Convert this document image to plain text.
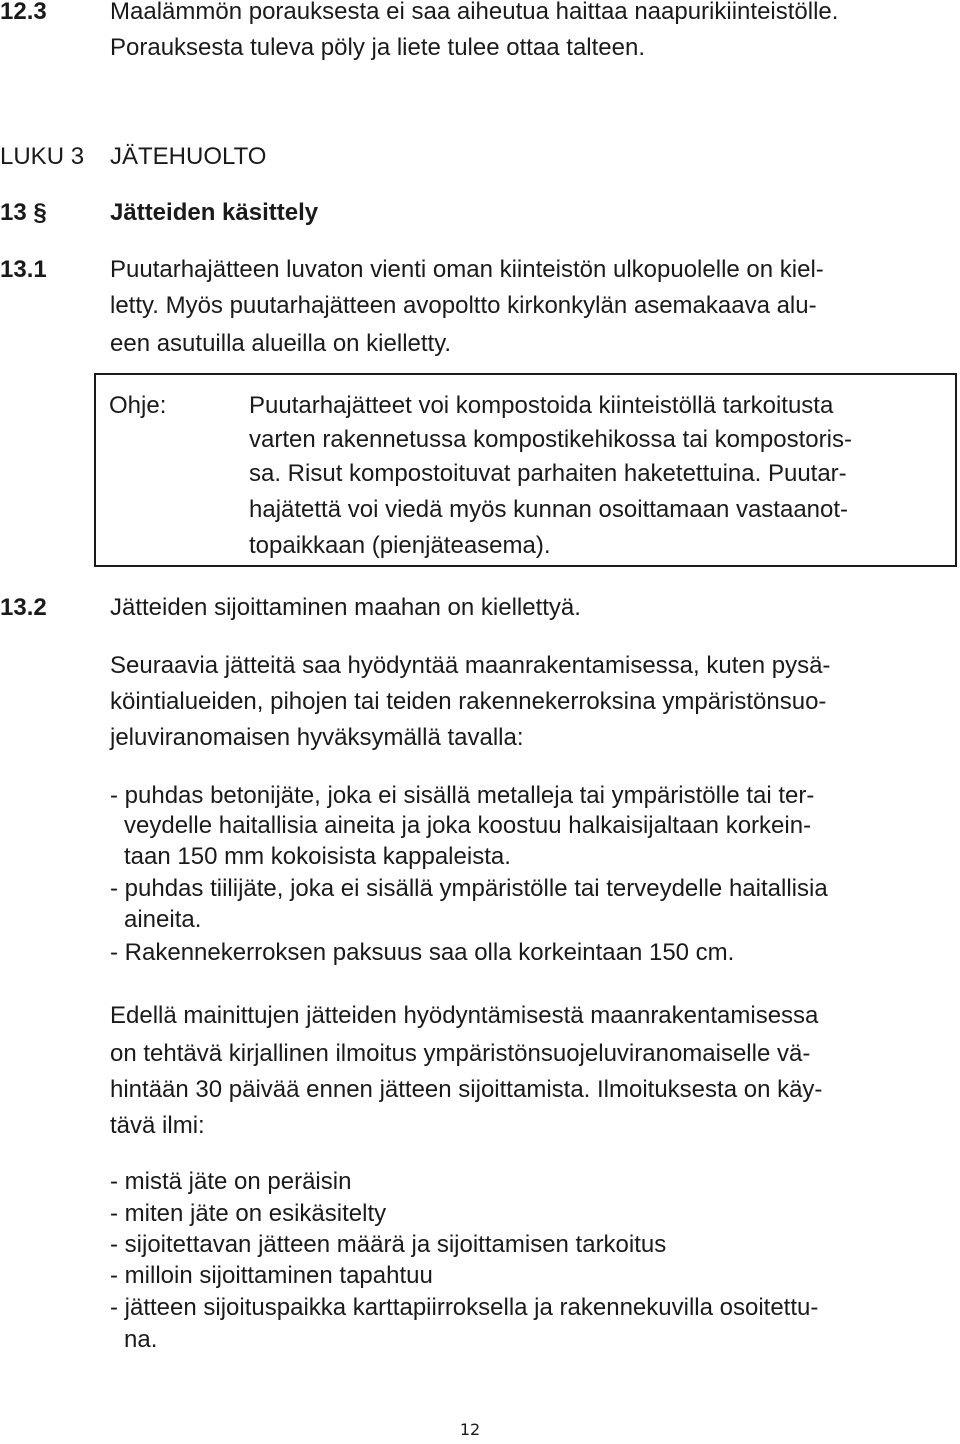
12.3	Maalämmön porauksesta ei saa aiheutua haittaa naapurikiinteistölle.
Porauksesta tuleva pöly ja liete tulee ottaa talteen.
LUKU 3 JÄTEHUOLTO
13 §	Jätteiden käsittely
13.1	Puutarhajätteen luvaton vienti oman kiinteistön ulkopuolelle on kiel-
letty. Myös puutarhajätteen avopoltto kirkonkylän asemakaava alu-
een asutuilla alueilla on kielletty.
Ohje:	Puutarhajätteet voi kompostoida kiinteistöllä tarkoitusta
varten rakennetussa kompostikehikossa tai kompostoris-
sa. Risut kompostoituvat parhaiten haketettuina. Puutar-
hajätettä voi viedä myös kunnan osoittamaan vastaanot-
topaikkaan (pienjäteasema).
13.2	Jätteiden sijoittaminen maahan on kiellettyä.
Seuraavia jätteitä saa hyödyntää maanrakentamisessa, kuten pysä-
köintialueiden, pihojen tai teiden rakennekerroksina ympäristönsuo-
jeluviranomaisen hyväksymällä tavalla:
- puhdas betonijäte, joka ei sisällä metalleja tai ympäristölle tai ter-
veydelle haitallisia aineita ja joka koostuu halkaisijaltaan korkein-
taan 150 mm kokoisista kappaleista.
- puhdas tiilijäte, joka ei sisällä ympäristölle tai terveydelle haitallisia
aineita.
- Rakennekerroksen paksuus saa olla korkeintaan 150 cm.
Edellä mainittujen jätteiden hyödyntämisestä maanrakentamisessa
on tehtävä kirjallinen ilmoitus ympäristönsuojeluviranomaiselle vä-
hintään 30 päivää ennen jätteen sijoittamista. Ilmoituksesta on käy-
tävä ilmi:
- mistä jäte on peräisin
- miten jäte on esikäsitelty
- sijoitettavan jätteen määrä ja sijoittamisen tarkoitus
- milloin sijoittaminen tapahtuu
- jätteen sijoituspaikka karttapiirroksella ja rakennekuvilla osoitettu-
na.
12
